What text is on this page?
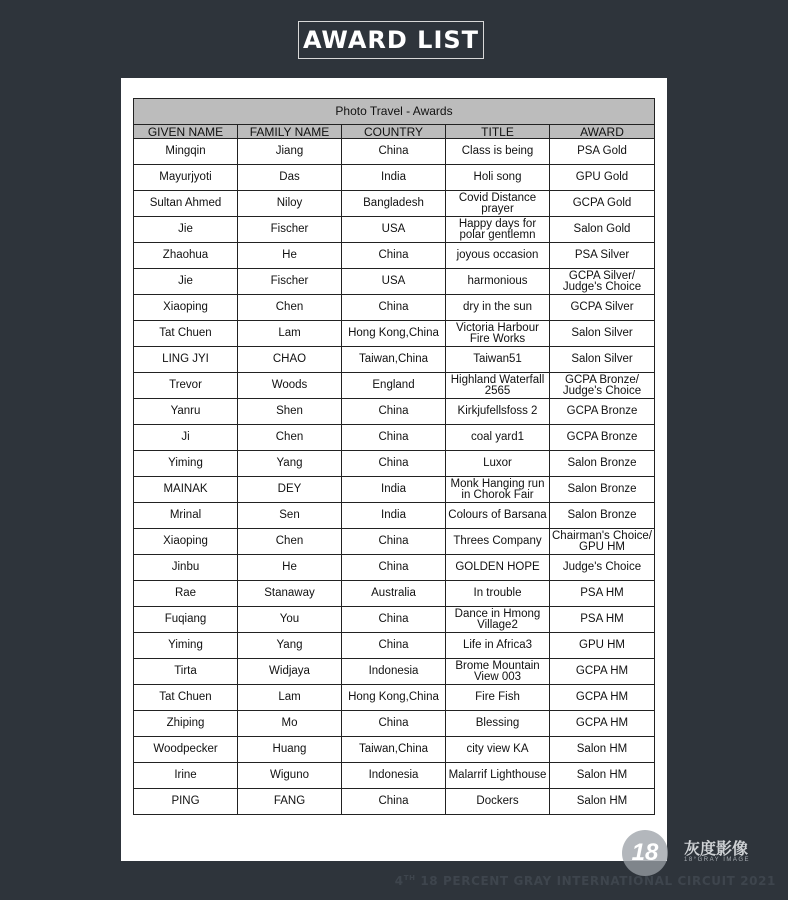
AWARD LIST
Photo Travel - Awards				
GIVEN NAME	FAMILY NAME	COUNTRY	TITLE	AWARD
Mingqin	Jiang	China	Class is being	PSA Gold
Mayurjyoti	Das	India	Holi song	GPU Gold
Sultan Ahmed	Niloy	Bangladesh	Covid Distance prayer	GCPA Gold
Jie	Fischer	USA	Happy days for polar gentlemn	Salon Gold
Zhaohua	He	China	joyous occasion	PSA Silver
Jie	Fischer	USA	harmonious	GCPA Silver/ Judge's Choice
Xiaoping	Chen	China	dry in the sun	GCPA Silver
Tat Chuen	Lam	Hong Kong,China	Victoria Harbour Fire Works	Salon Silver
LING JYI	CHAO	Taiwan,China	Taiwan51	Salon Silver
Trevor	Woods	England	Highland Waterfall 2565	GCPA Bronze/ Judge's Choice
Yanru	Shen	China	Kirkjufellsfoss 2	GCPA Bronze
Ji	Chen	China	coal yard1	GCPA Bronze
Yiming	Yang	China	Luxor	Salon Bronze
MAINAK	DEY	India	Monk Hanging run in Chorok Fair	Salon Bronze
Mrinal	Sen	India	Colours of Barsana	Salon Bronze
Xiaoping	Chen	China	Threes Company	Chairman's Choice/ GPU HM
Jinbu	He	China	GOLDEN HOPE	Judge's Choice
Rae	Stanaway	Australia	In trouble	PSA HM
Fuqiang	You	China	Dance in Hmong Village2	PSA HM
Yiming	Yang	China	Life in Africa3	GPU HM
Tirta	Widjaya	Indonesia	Brome Mountain View 003	GCPA HM
Tat Chuen	Lam	Hong Kong,China	Fire Fish	GCPA HM
Zhiping	Mo	China	Blessing	GCPA HM
Woodpecker	Huang	Taiwan,China	city view KA	Salon HM
Irine	Wiguno	Indonesia	Malarrif Lighthouse	Salon HM
PING	FANG	China	Dockers	Salon HM
18	灰度影像
18°GRAY IMAGE
4TH 18 PERCENT GRAY INTERNATIONAL CIRCUIT 2021
